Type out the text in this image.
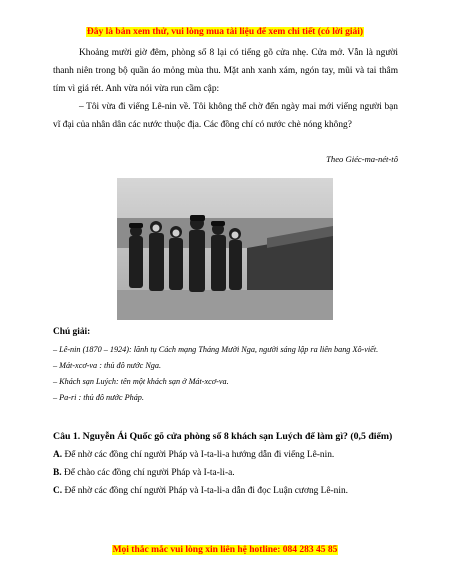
Đây là bản xem thử, vui lòng mua tài liệu để xem chi tiết (có lời giải)

Khoảng mười giờ đêm, phòng số 8 lại có tiếng gõ cửa nhẹ. Cửa mở. Vẫn là người thanh niên trong bộ quần áo mỏng mùa thu. Mặt anh xanh xám, ngón tay, mũi và tai thâm tím vì giá rét. Anh vừa nói vừa run cầm cập:

– Tôi vừa đi viếng Lê-nin về. Tôi không thể chờ đến ngày mai mới viếng người bạn vĩ đại của nhân dân các nước thuộc địa. Các đồng chí có nước chè nóng không?

Theo Giéc-ma-nét-tô

Chú giải:

– Lê-nin (1870 – 1924): lãnh tụ Cách mạng Tháng Mười Nga, người sáng lập ra liên bang Xô-viết.

– Mát-xcơ-va : thủ đô nước Nga.

– Khách sạn Luých: tên một khách sạn ở Mát-xcơ-va.

– Pa-ri : thủ đô nước Pháp.

Câu 1. Nguyễn Ái Quốc gõ cửa phòng số 8 khách sạn Luých để làm gì? (0,5 điểm)

A. Để nhờ các đồng chí người Pháp và I-ta-li-a hướng dẫn đi viếng Lê-nin.

B. Để chào các đồng chí người Pháp và I-ta-li-a.

C. Để nhờ các đồng chí người Pháp và I-ta-li-a dẫn đi đọc Luận cương Lê-nin.

Mọi thắc mắc vui lòng xin liên hệ hotline: 084 283 45 85
